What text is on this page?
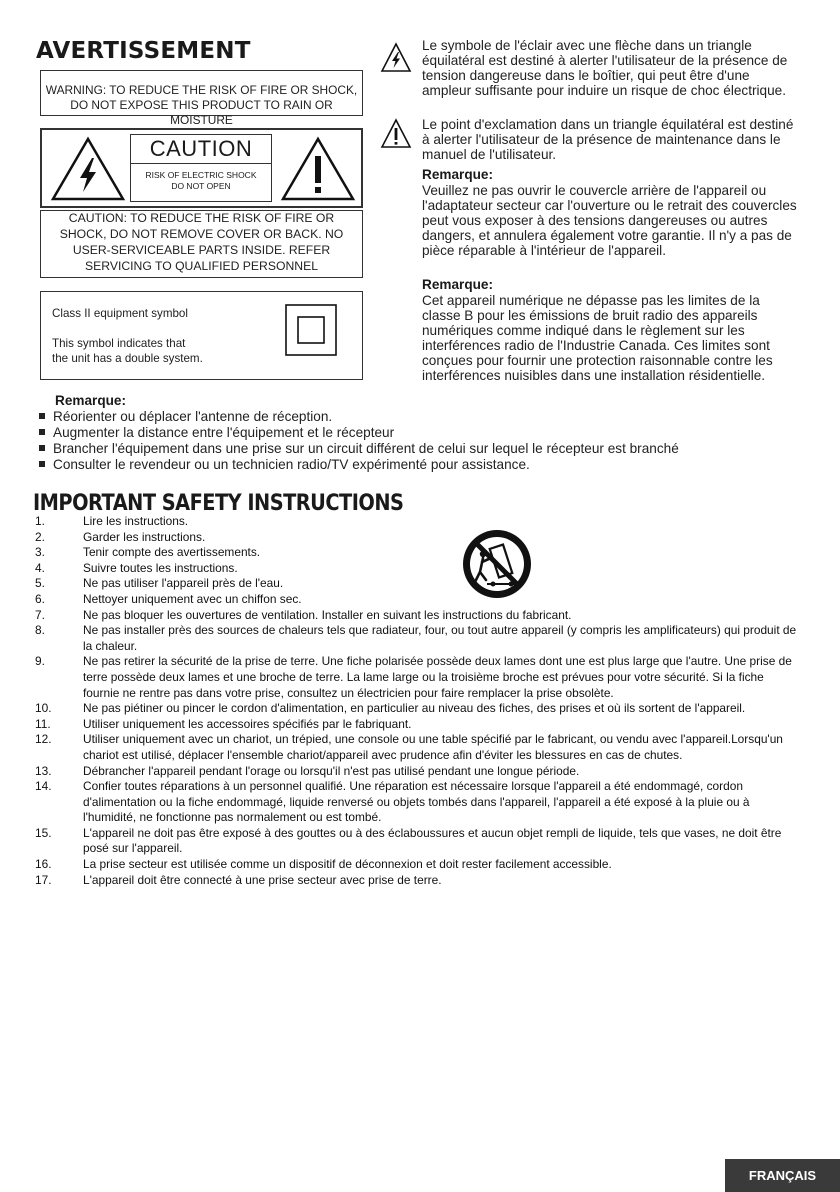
AVERTISSEMENT
WARNING: TO REDUCE THE RISK OF FIRE OR SHOCK, DO NOT EXPOSE THIS PRODUCT TO RAIN OR MOISTURE
CAUTION
RISK OF ELECTRIC SHOCK
DO NOT OPEN
CAUTION: TO REDUCE THE RISK OF FIRE OR SHOCK, DO NOT REMOVE COVER OR BACK. NO USER-SERVICEABLE PARTS INSIDE. REFER SERVICING TO QUALIFIED PERSONNEL
Class II equipment symbol
This symbol indicates that
the unit has a double system.
Le symbole de l'éclair avec une flèche dans un triangle équilatéral est destiné à alerter l'utilisateur de la présence de tension dangereuse dans le boîtier, qui peut être d'une ampleur suffisante pour induire un risque de choc électrique.
Le point d'exclamation dans un triangle équilatéral est destiné à alerter l'utilisateur de la présence de maintenance dans le manuel de l'utilisateur.
Remarque:
Veuillez ne pas ouvrir le couvercle arrière de l'appareil ou l'adaptateur secteur car l'ouverture ou le retrait des couvercles peut vous exposer à des tensions dangereuses ou autres dangers, et annulera également votre garantie. Il n'y a pas de pièce réparable à l'intérieur de l'appareil.
Remarque:
Cet appareil numérique ne dépasse pas les limites de la classe B pour les émissions de bruit radio des appareils numériques comme indiqué dans le règlement sur les interférences radio de l'Industrie Canada. Ces limites sont conçues pour fournir une protection raisonnable contre les interférences nuisibles dans une installation résidentielle.
Remarque:
Réorienter ou déplacer l'antenne de réception.
Augmenter la distance entre l'équipement et le récepteur
Brancher l'équipement dans une prise sur un circuit différent de celui sur lequel le récepteur est branché
Consulter le revendeur ou un technicien radio/TV expérimenté pour assistance.
IMPORTANT SAFETY INSTRUCTIONS
1.	Lire les instructions.
2.	Garder les instructions.
3.	Tenir compte des avertissements.
4.	Suivre toutes les instructions.
5.	Ne pas utiliser l'appareil près de l'eau.
6.	Nettoyer uniquement avec un chiffon sec.
7.	Ne pas bloquer les ouvertures de ventilation. Installer en suivant les instructions du fabricant.
8.	Ne pas installer près des sources de chaleurs tels que radiateur, four, ou tout autre appareil (y compris les amplificateurs) qui produit de la chaleur.
9.	Ne pas retirer la sécurité de la prise de terre. Une fiche polarisée possède deux lames dont une est plus large que l'autre. Une prise de terre possède deux lames et une broche de terre. La lame large ou la troisième broche est prévues pour votre sécurité. Si la fiche fournie ne rentre pas dans votre prise, consultez un électricien pour faire remplacer la prise obsolète.
10.	Ne pas piétiner ou pincer le cordon d'alimentation, en particulier au niveau des fiches, des prises et où ils sortent de l'appareil.
11.	Utiliser uniquement les accessoires spécifiés par le fabriquant.
12.	Utiliser uniquement avec un chariot, un trépied, une console ou une table spécifié par le fabricant, ou vendu avec l'appareil.Lorsqu'un chariot est utilisé, déplacer l'ensemble chariot/appareil avec prudence afin d'éviter les blessures en cas de chutes.
13.	Débrancher l'appareil pendant l'orage ou lorsqu'il n'est pas utilisé pendant une longue période.
14.	Confier toutes réparations à un personnel qualifié. Une réparation est nécessaire lorsque l'appareil a été endommagé, cordon d'alimentation ou la fiche endommagé, liquide renversé ou objets tombés dans l'appareil, l'appareil a été exposé à la pluie ou à l'humidité, ne fonctionne pas normalement ou est tombé.
15.	L'appareil ne doit pas être exposé à des gouttes ou à des éclaboussures et aucun objet rempli de liquide, tels que vases, ne doit être posé sur l'appareil.
16.	La prise secteur est utilisée comme un dispositif de déconnexion et doit rester facilement accessible.
17.	L'appareil doit être connecté à une prise secteur avec prise de terre.
FRANÇAIS
